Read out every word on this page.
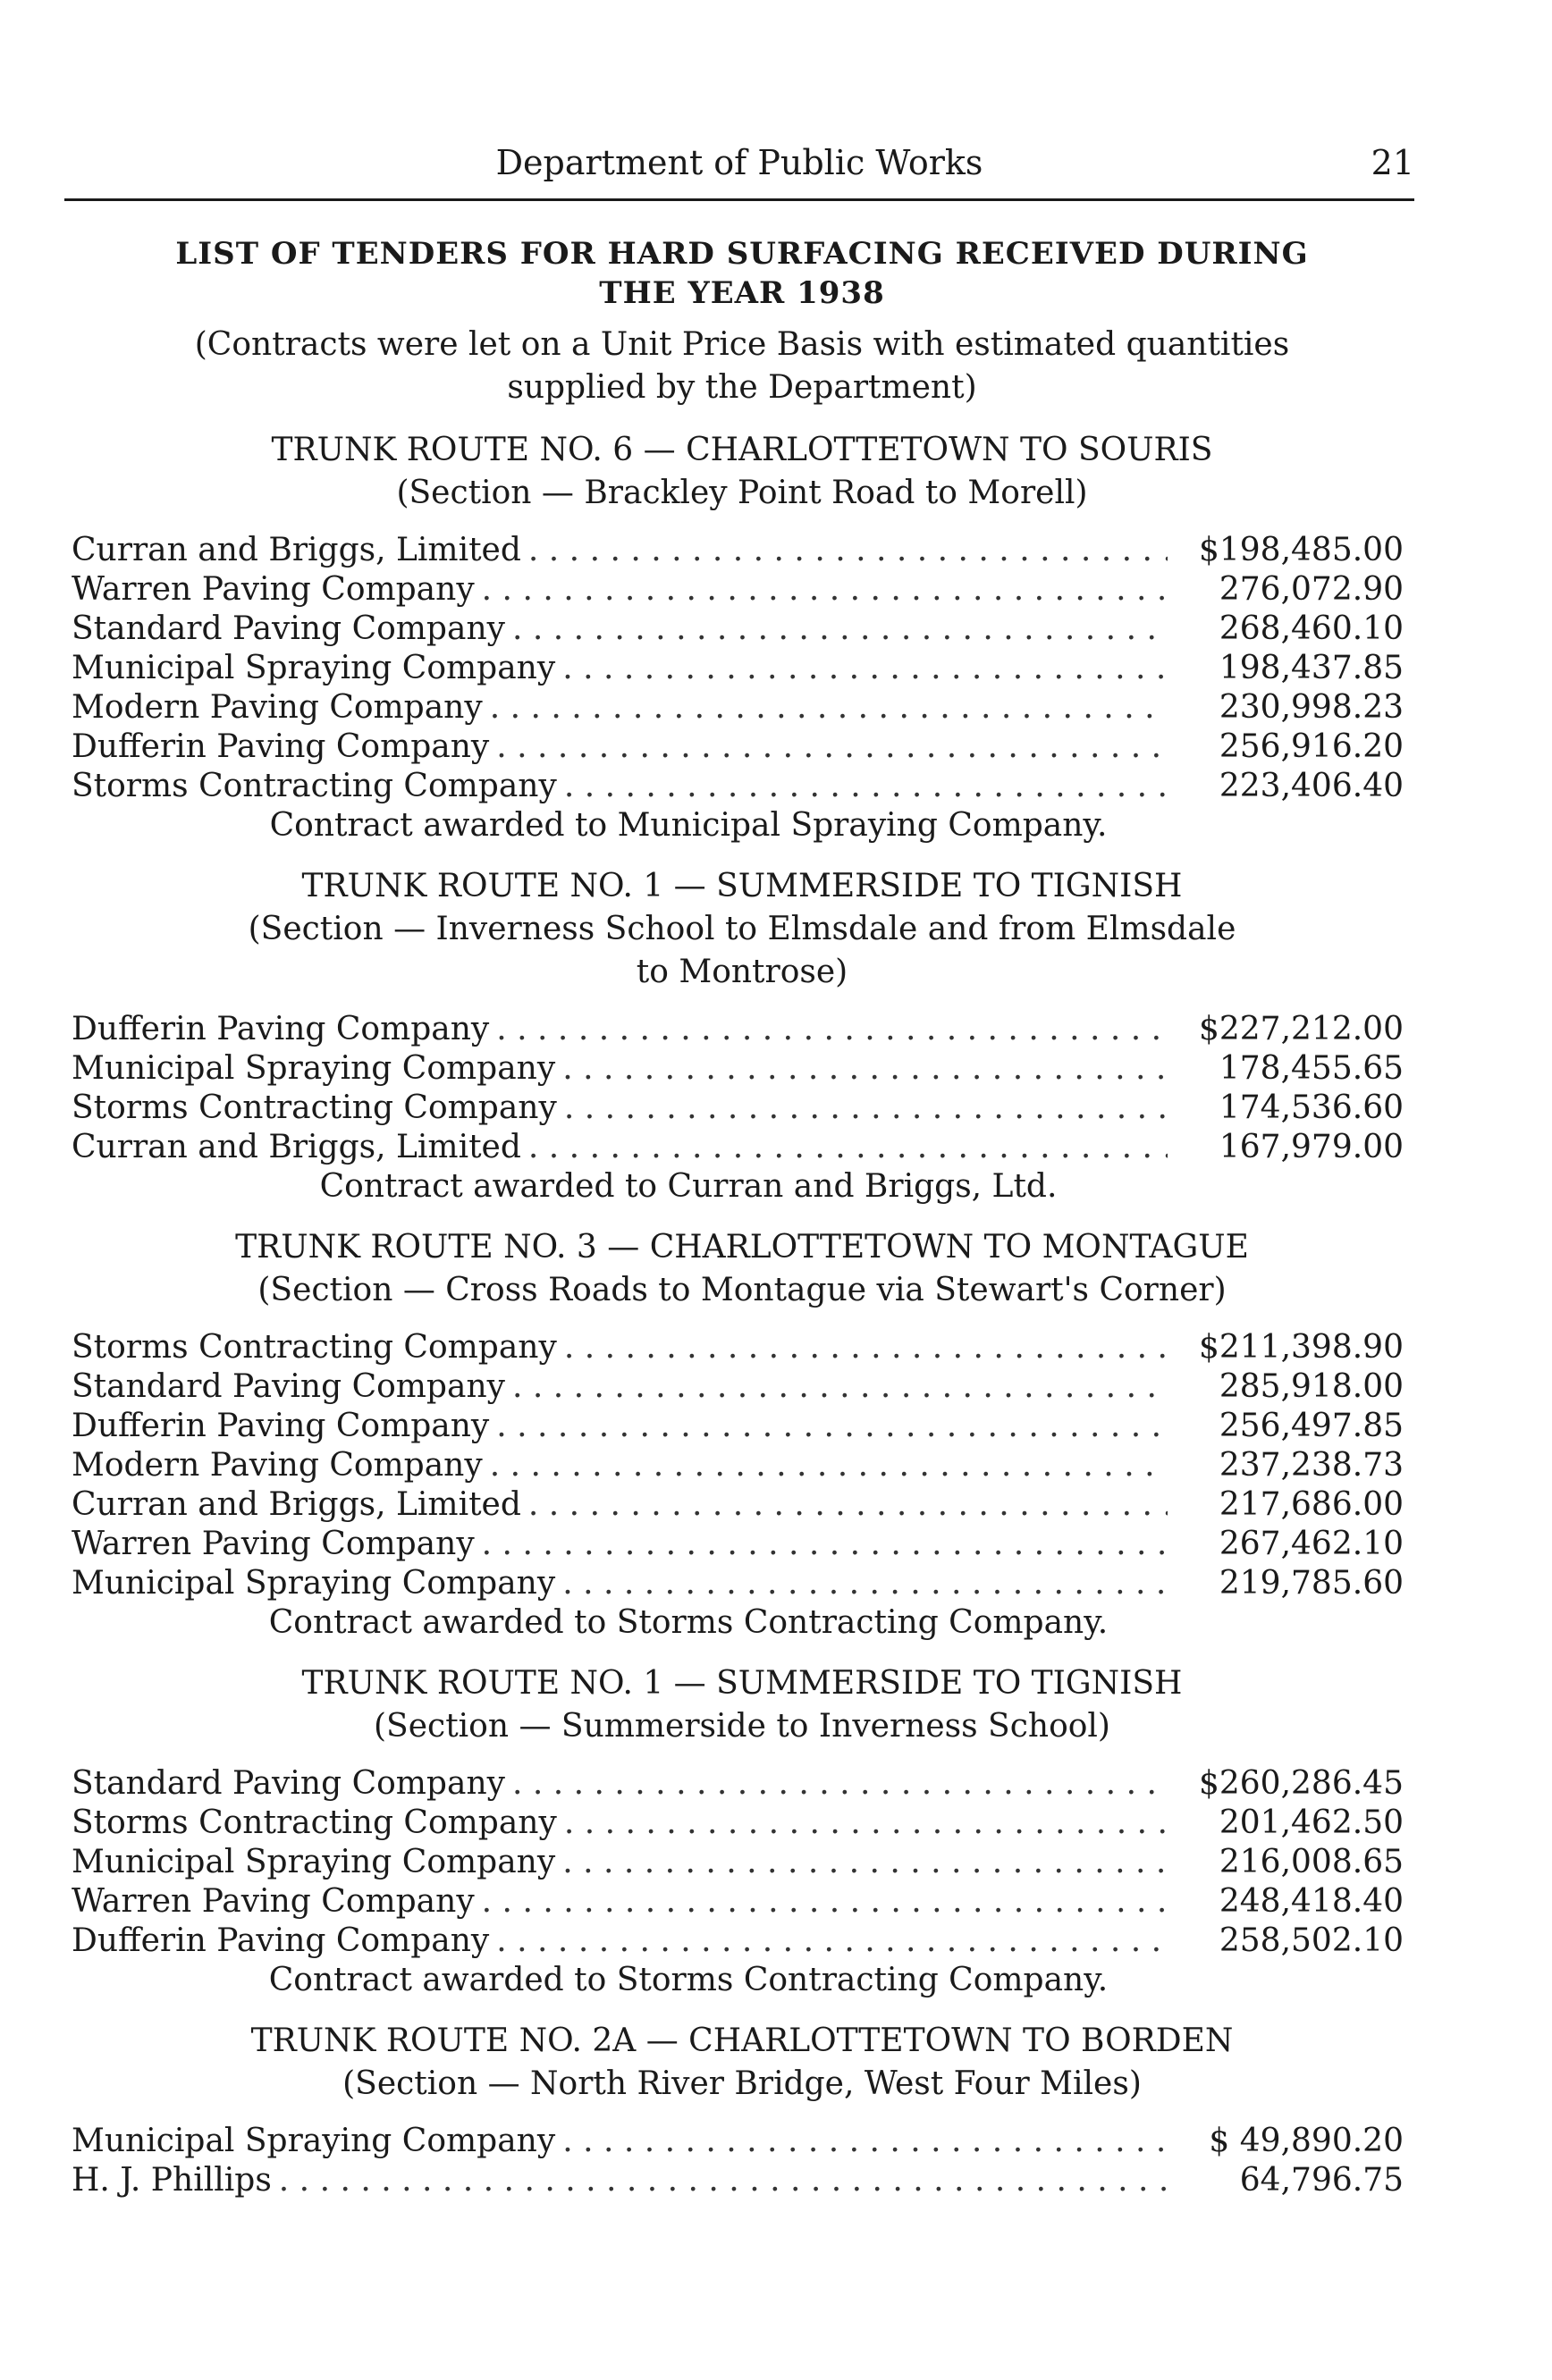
Department of Public Works	21

LIST OF TENDERS FOR HARD SURFACING RECEIVED DURING
THE YEAR 1938

(Contracts were let on a Unit Price Basis with estimated quantities
supplied by the Department)

TRUNK ROUTE NO. 6 — CHARLOTTETOWN TO SOURIS

(Section — Brackley Point Road to Morell)

Curran and Briggs, Limited . . .	$198,485.00
Warren Paving Company . . .	276,072.90
Standard Paving Company . . .	268,460.10
Municipal Spraying Company . . .	198,437.85
Modern Paving Company . . .	230,998.23
Dufferin Paving Company . . .	256,916.20
Storms Contracting Company . . .	223,406.40

Contract awarded to Municipal Spraying Company.

TRUNK ROUTE NO. 1 — SUMMERSIDE TO TIGNISH

(Section — Inverness School to Elmsdale and from Elmsdale
to Montrose)

Dufferin Paving Company . . .	$227,212.00
Municipal Spraying Company . . .	178,455.65
Storms Contracting Company . . .	174,536.60
Curran and Briggs, Limited . . .	167,979.00

Contract awarded to Curran and Briggs, Ltd.

TRUNK ROUTE NO. 3 — CHARLOTTETOWN TO MONTAGUE

(Section — Cross Roads to Montague via Stewart's Corner)

Storms Contracting Company . . .	$211,398.90
Standard Paving Company . . .	285,918.00
Dufferin Paving Company . . .	256,497.85
Modern Paving Company . . .	237,238.73
Curran and Briggs, Limited . . .	217,686.00
Warren Paving Company . . .	267,462.10
Municipal Spraying Company . . .	219,785.60

Contract awarded to Storms Contracting Company.

TRUNK ROUTE NO. 1 — SUMMERSIDE TO TIGNISH

(Section — Summerside to Inverness School)

Standard Paving Company . . .	$260,286.45
Storms Contracting Company . . .	201,462.50
Municipal Spraying Company . . .	216,008.65
Warren Paving Company . . .	248,418.40
Dufferin Paving Company . . .	258,502.10

Contract awarded to Storms Contracting Company.

TRUNK ROUTE NO. 2A — CHARLOTTETOWN TO BORDEN

(Section — North River Bridge, West Four Miles)

Municipal Spraying Company . . .	$ 49,890.20
H. J. Phillips . . .	64,796.75
